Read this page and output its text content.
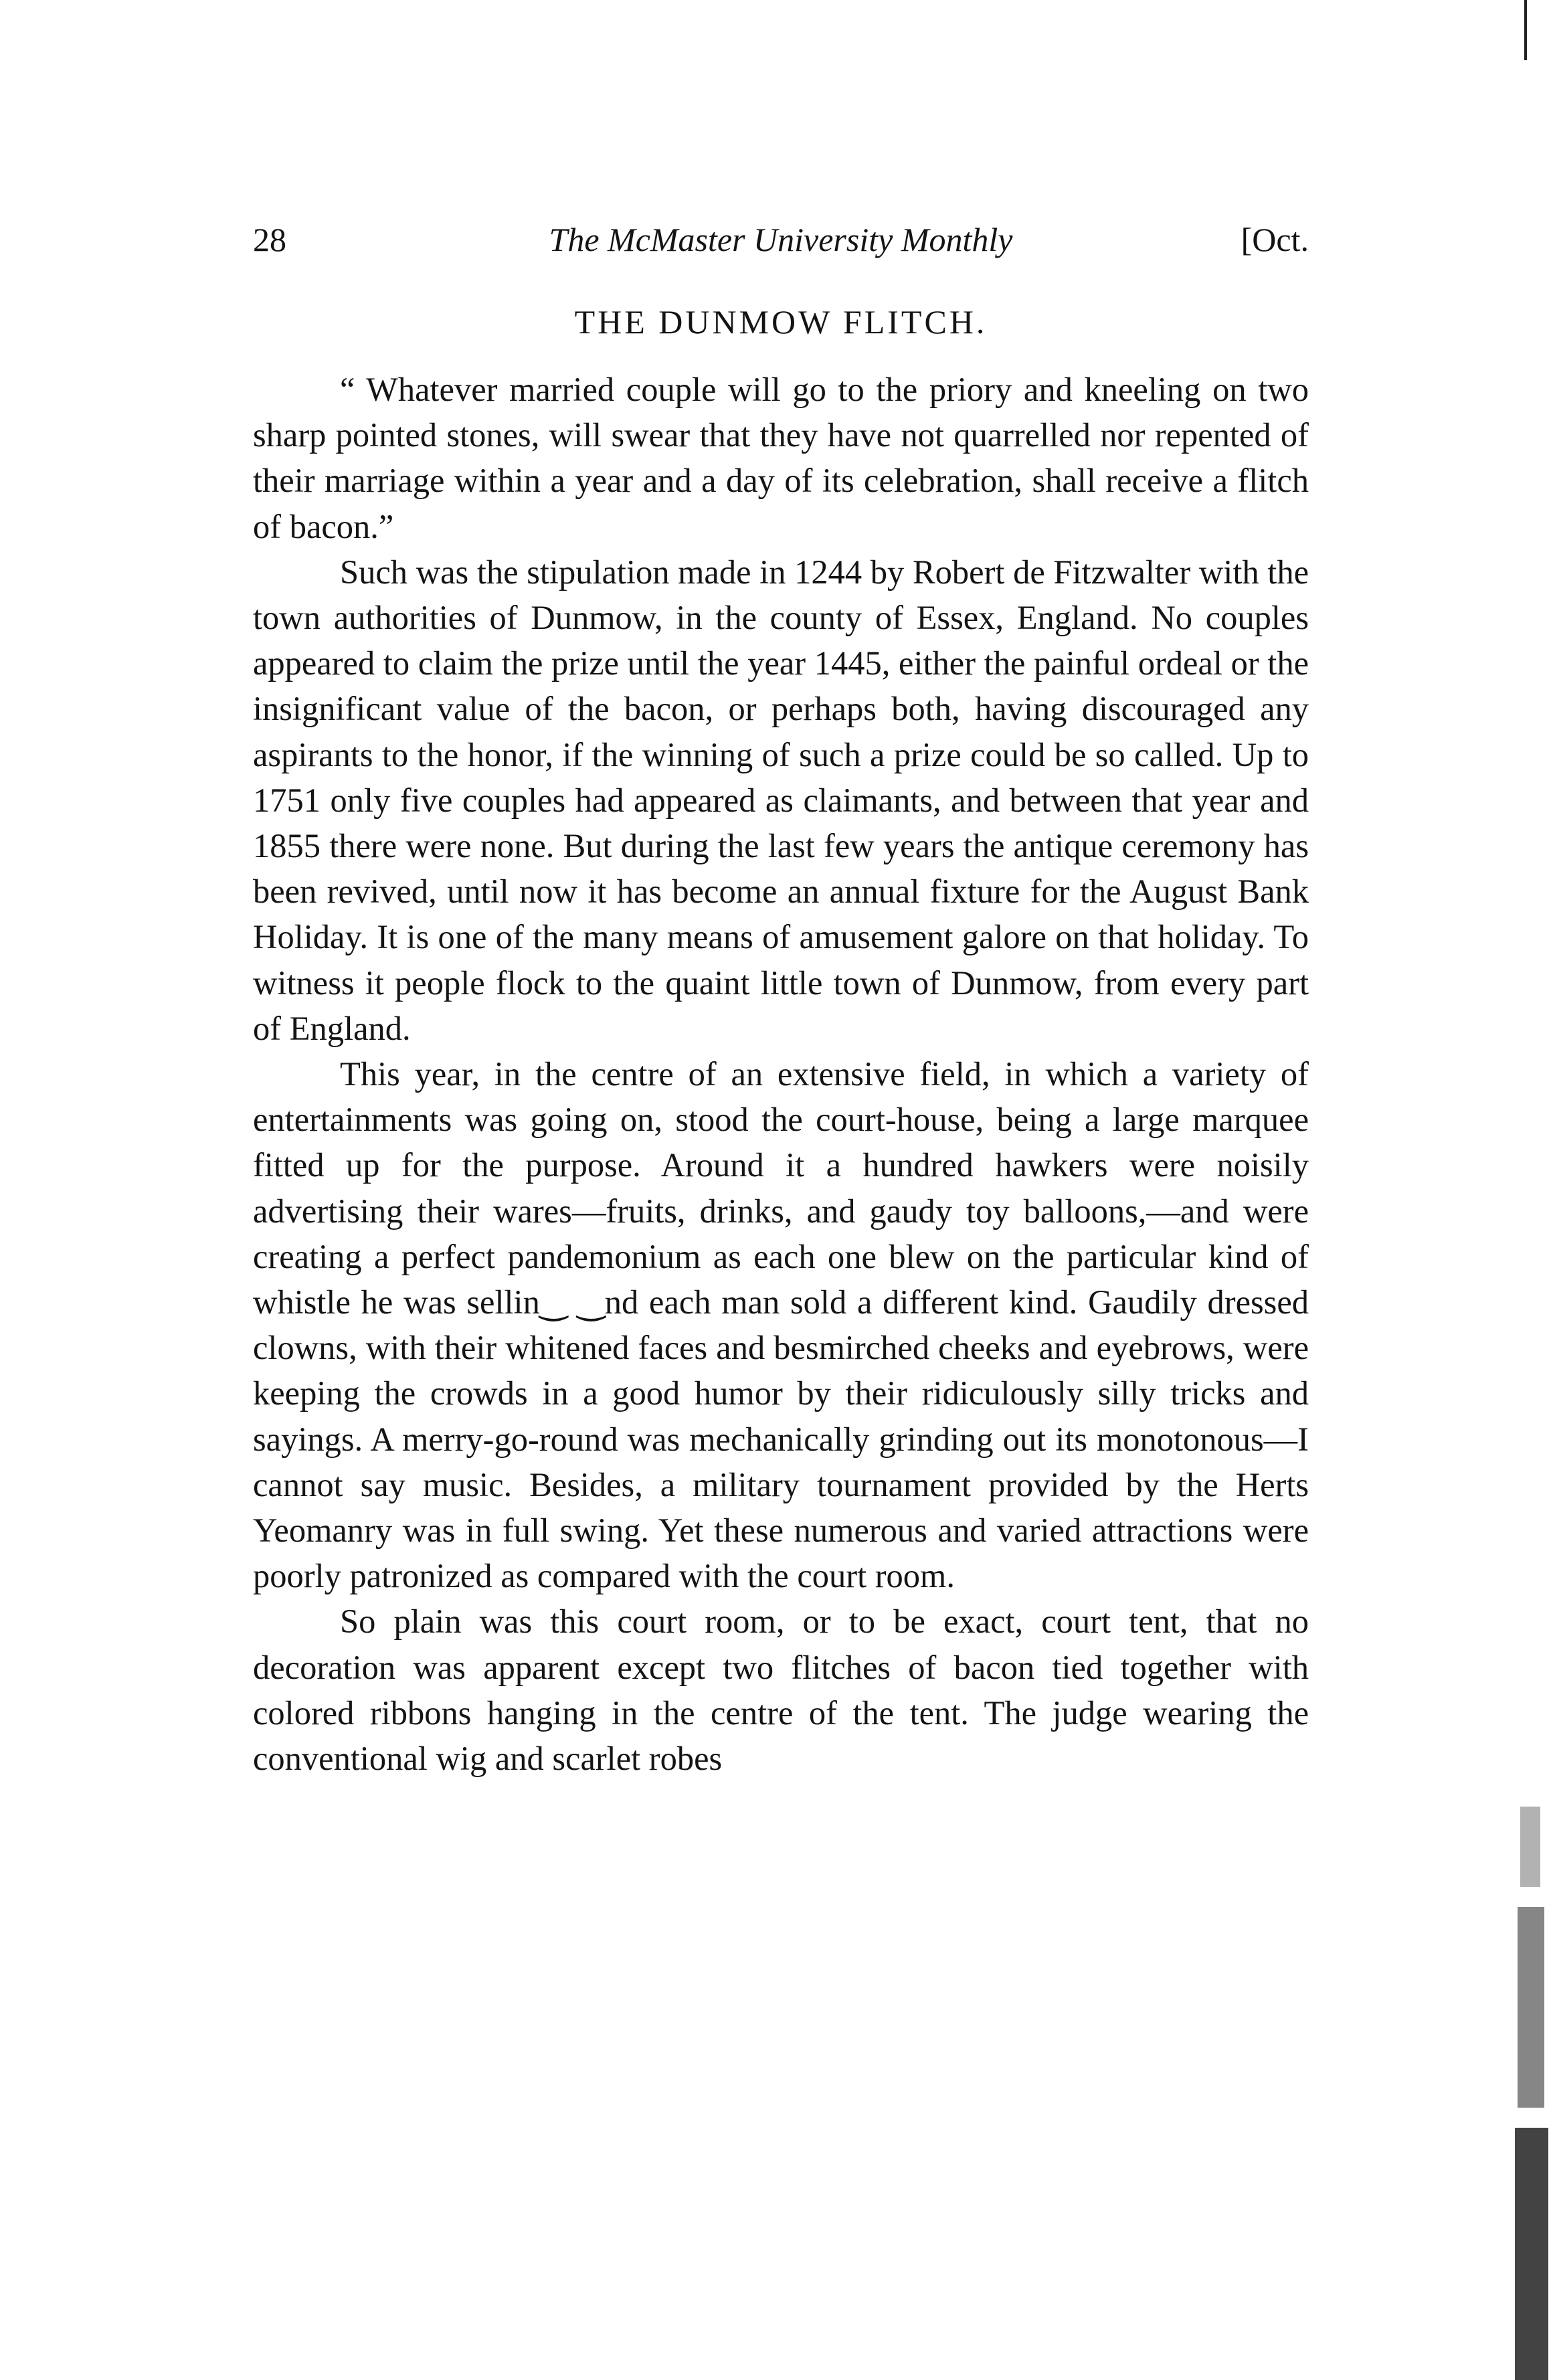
28	The McMaster University Monthly	[Oct.
THE DUNMOW FLITCH.

“ Whatever married couple will go to the priory and kneeling on two sharp pointed stones, will swear that they have not quarrelled nor repented of their marriage within a year and a day of its celebration, shall receive a flitch of bacon.”

Such was the stipulation made in 1244 by Robert de Fitzwalter with the town authorities of Dunmow, in the county of Essex, England. No couples appeared to claim the prize until the year 1445, either the painful ordeal or the insignificant value of the bacon, or perhaps both, having discouraged any aspirants to the honor, if the winning of such a prize could be so called. Up to 1751 only five couples had appeared as claimants, and between that year and 1855 there were none. But during the last few years the antique ceremony has been revived, until now it has become an annual fixture for the August Bank Holiday. It is one of the many means of amusement galore on that holiday. To witness it people flock to the quaint little town of Dunmow, from every part of England.

This year, in the centre of an extensive field, in which a variety of entertainments was going on, stood the court-house, being a large marquee fitted up for the purpose. Around it a hundred hawkers were noisily advertising their wares—fruits, drinks, and gaudy toy balloons,—and were creating a perfect pandemonium as each one blew on the particular kind of whistle he was sellin‿ ‿nd each man sold a different kind. Gaudily dressed clowns, with their whitened faces and besmirched cheeks and eyebrows, were keeping the crowds in a good humor by their ridiculously silly tricks and sayings. A merry-go-round was mechanically grinding out its monotonous—I cannot say music. Besides, a military tournament provided by the Herts Yeomanry was in full swing. Yet these numerous and varied attractions were poorly patronized as compared with the court room.

So plain was this court room, or to be exact, court tent, that no decoration was apparent except two flitches of bacon tied together with colored ribbons hanging in the centre of the tent. The judge wearing the conventional wig and scarlet robes
